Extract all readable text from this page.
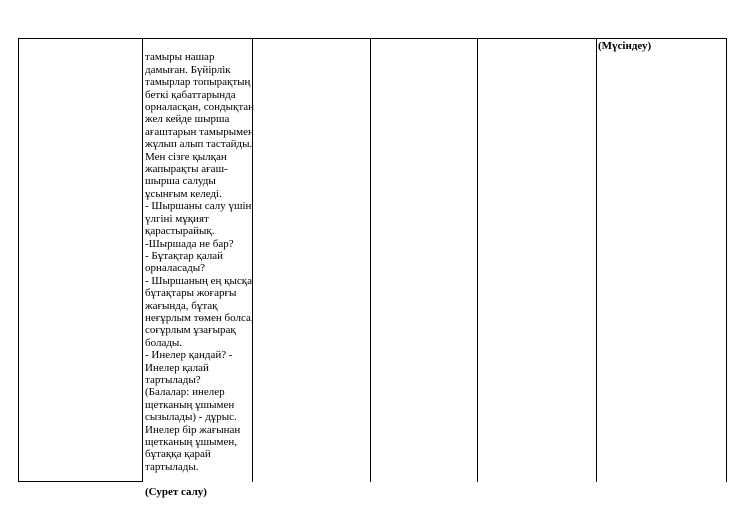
тамыры нашар
дамыған. Бүйірлік
тамырлар топырақтың
беткі қабаттарында
орналасқан, сондықтан
жел кейде шырша
ағаштарын тамырымен
жұлып алып тастайды.
Мен сізге қылқан
жапырақты ағаш-
шырша салуды
ұсынғым келеді.
- Шыршаны салу үшін
үлгіні мұқият
қарастырайық.
-Шыршада не бар?
- Бұтақтар қалай
орналасады?
- Шыршаның ең қысқа
бұтақтары жоғарғы
жағында, бұтақ
неғұрлым төмен болса,
соғұрлым ұзағырақ
болады.
- Инелер қандай? -
Инелер қалай
тартылады?
(Балалар: инелер
щетканың ұшымен
сызылады) - дұрыс.
Инелер бір жағынан
щетканың ұшымен,
бұтаққа қарай
тартылады.

(Сурет салу)

(Мүсіндеу)
